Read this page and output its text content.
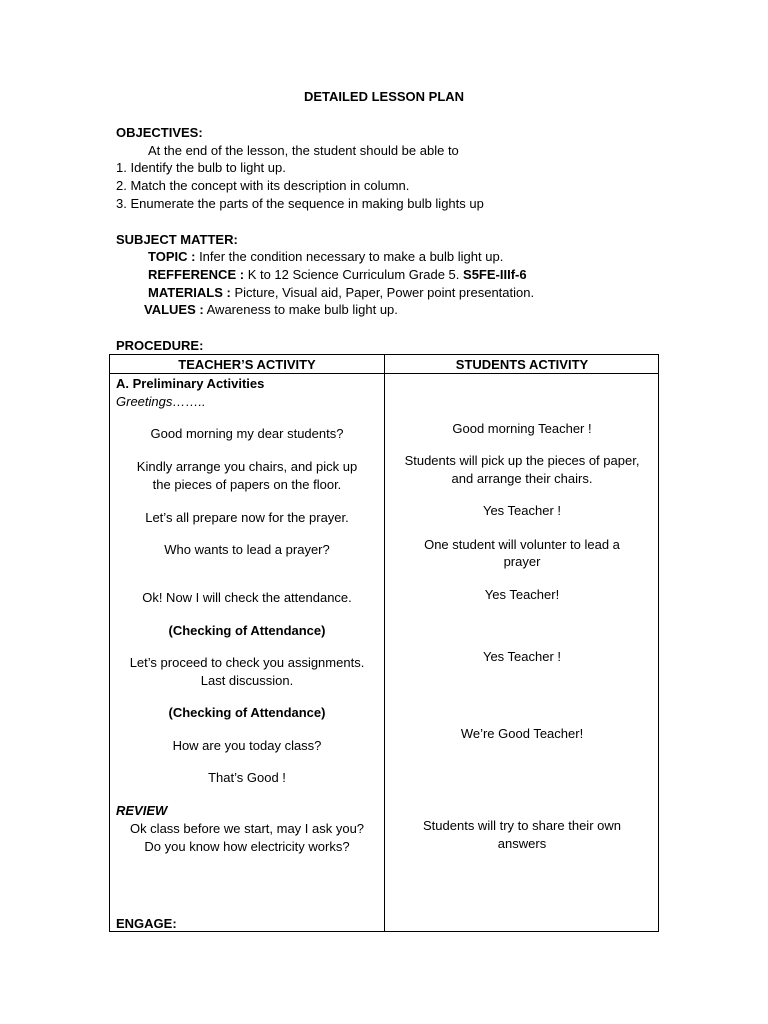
DETAILED LESSON PLAN
OBJECTIVES:
At the end of the lesson, the student should be able to
1. Identify the bulb to light up.
2. Match the concept with its description in column.
3. Enumerate the parts of the sequence in making bulb lights up
SUBJECT MATTER:
TOPIC : Infer the condition necessary to make a bulb light up.
REFFERENCE : K to 12 Science Curriculum Grade 5. S5FE-IIIf-6
MATERIALS : Picture, Visual aid, Paper, Power point presentation.
VALUES : Awareness to make bulb light up.
PROCEDURE:
TEACHER’S ACTIVITY	STUDENTS ACTIVITY
A. Preliminary Activities
Greetings……..
Good morning my dear students?
Kindly arrange you chairs, and pick up
the pieces of papers on the floor.
Let’s all prepare now for the prayer.
Who wants to lead a prayer?
Ok! Now I will check the attendance.
(Checking of Attendance)
Let’s proceed to check you assignments.
Last discussion.
(Checking of Attendance)
How are you today class?
That’s Good !
REVIEW
Ok class before we start, may I ask you?
Do you know how electricity works?
ENGAGE:
Good morning Teacher !
Students will pick up the pieces of paper,
and arrange their chairs.
Yes Teacher !
One student will volunter to lead a
prayer
Yes Teacher!
Yes Teacher !
We’re Good Teacher!
Students will try to share their own
answers
